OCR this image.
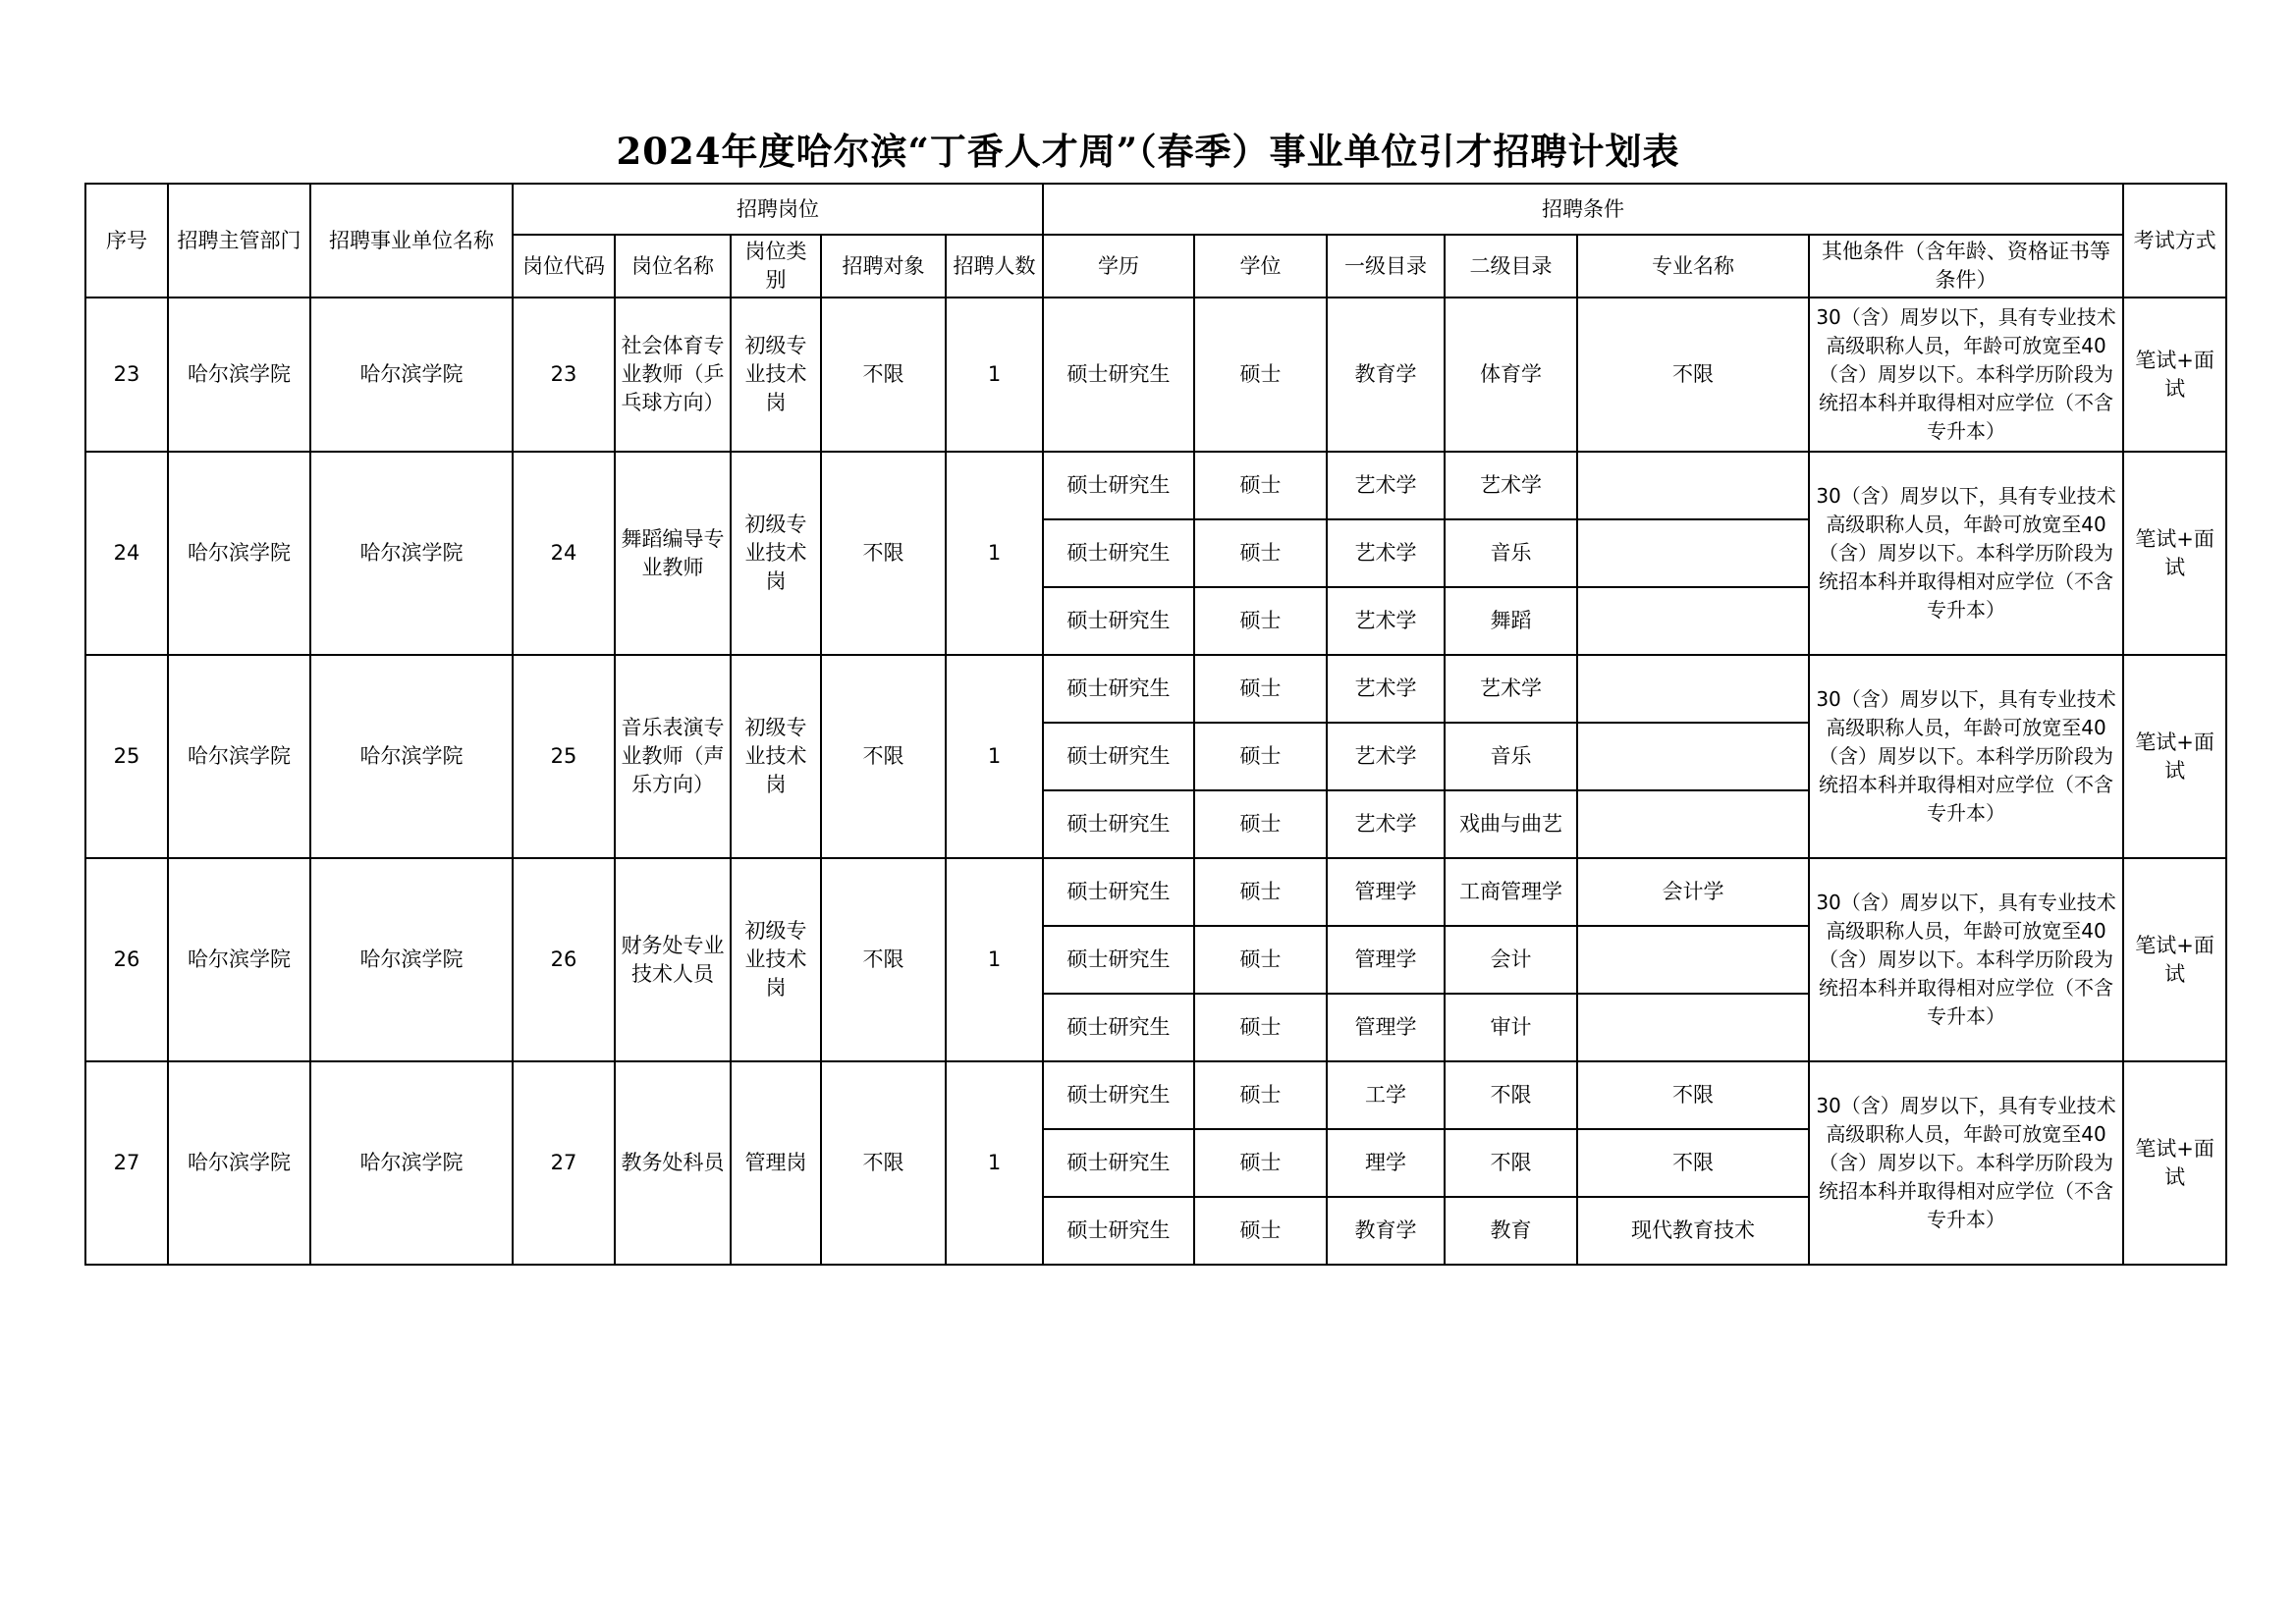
2024年度哈尔滨“丁香人才周”（春季）事业单位引才招聘计划表
序号	招聘主管部门	招聘事业单位名称	招聘岗位					招聘条件						考试方式
			岗位代码	岗位名称	岗位类别	招聘对象	招聘人数	学历	学位	一级目录	二级目录	专业名称	其他条件（含年龄、资格证书等条件）	
23	哈尔滨学院	哈尔滨学院	23	社会体育专业教师（乒乓球方向）	初级专业技术岗	不限	1	硕士研究生	硕士	教育学	体育学	不限	30（含）周岁以下，具有专业技术高级职称人员，年龄可放宽至40（含）周岁以下。本科学历阶段为统招本科并取得相对应学位（不含专升本）	笔试+面试
24	哈尔滨学院	哈尔滨学院	24	舞蹈编导专业教师	初级专业技术岗	不限	1	硕士研究生	硕士	艺术学	艺术学		30（含）周岁以下，具有专业技术高级职称人员，年龄可放宽至40（含）周岁以下。本科学历阶段为统招本科并取得相对应学位（不含专升本）	笔试+面试
								硕士研究生	硕士	艺术学	音乐			
								硕士研究生	硕士	艺术学	舞蹈			
25	哈尔滨学院	哈尔滨学院	25	音乐表演专业教师（声乐方向）	初级专业技术岗	不限	1	硕士研究生	硕士	艺术学	艺术学		30（含）周岁以下，具有专业技术高级职称人员，年龄可放宽至40（含）周岁以下。本科学历阶段为统招本科并取得相对应学位（不含专升本）	笔试+面试
								硕士研究生	硕士	艺术学	音乐			
								硕士研究生	硕士	艺术学	戏曲与曲艺			
26	哈尔滨学院	哈尔滨学院	26	财务处专业技术人员	初级专业技术岗	不限	1	硕士研究生	硕士	管理学	工商管理学	会计学	30（含）周岁以下，具有专业技术高级职称人员，年龄可放宽至40（含）周岁以下。本科学历阶段为统招本科并取得相对应学位（不含专升本）	笔试+面试
								硕士研究生	硕士	管理学	会计			
								硕士研究生	硕士	管理学	审计			
27	哈尔滨学院	哈尔滨学院	27	教务处科员	管理岗	不限	1	硕士研究生	硕士	工学	不限	不限	30（含）周岁以下，具有专业技术高级职称人员，年龄可放宽至40（含）周岁以下。本科学历阶段为统招本科并取得相对应学位（不含专升本）	笔试+面试
								硕士研究生	硕士	理学	不限	不限		
								硕士研究生	硕士	教育学	教育	现代教育技术		
